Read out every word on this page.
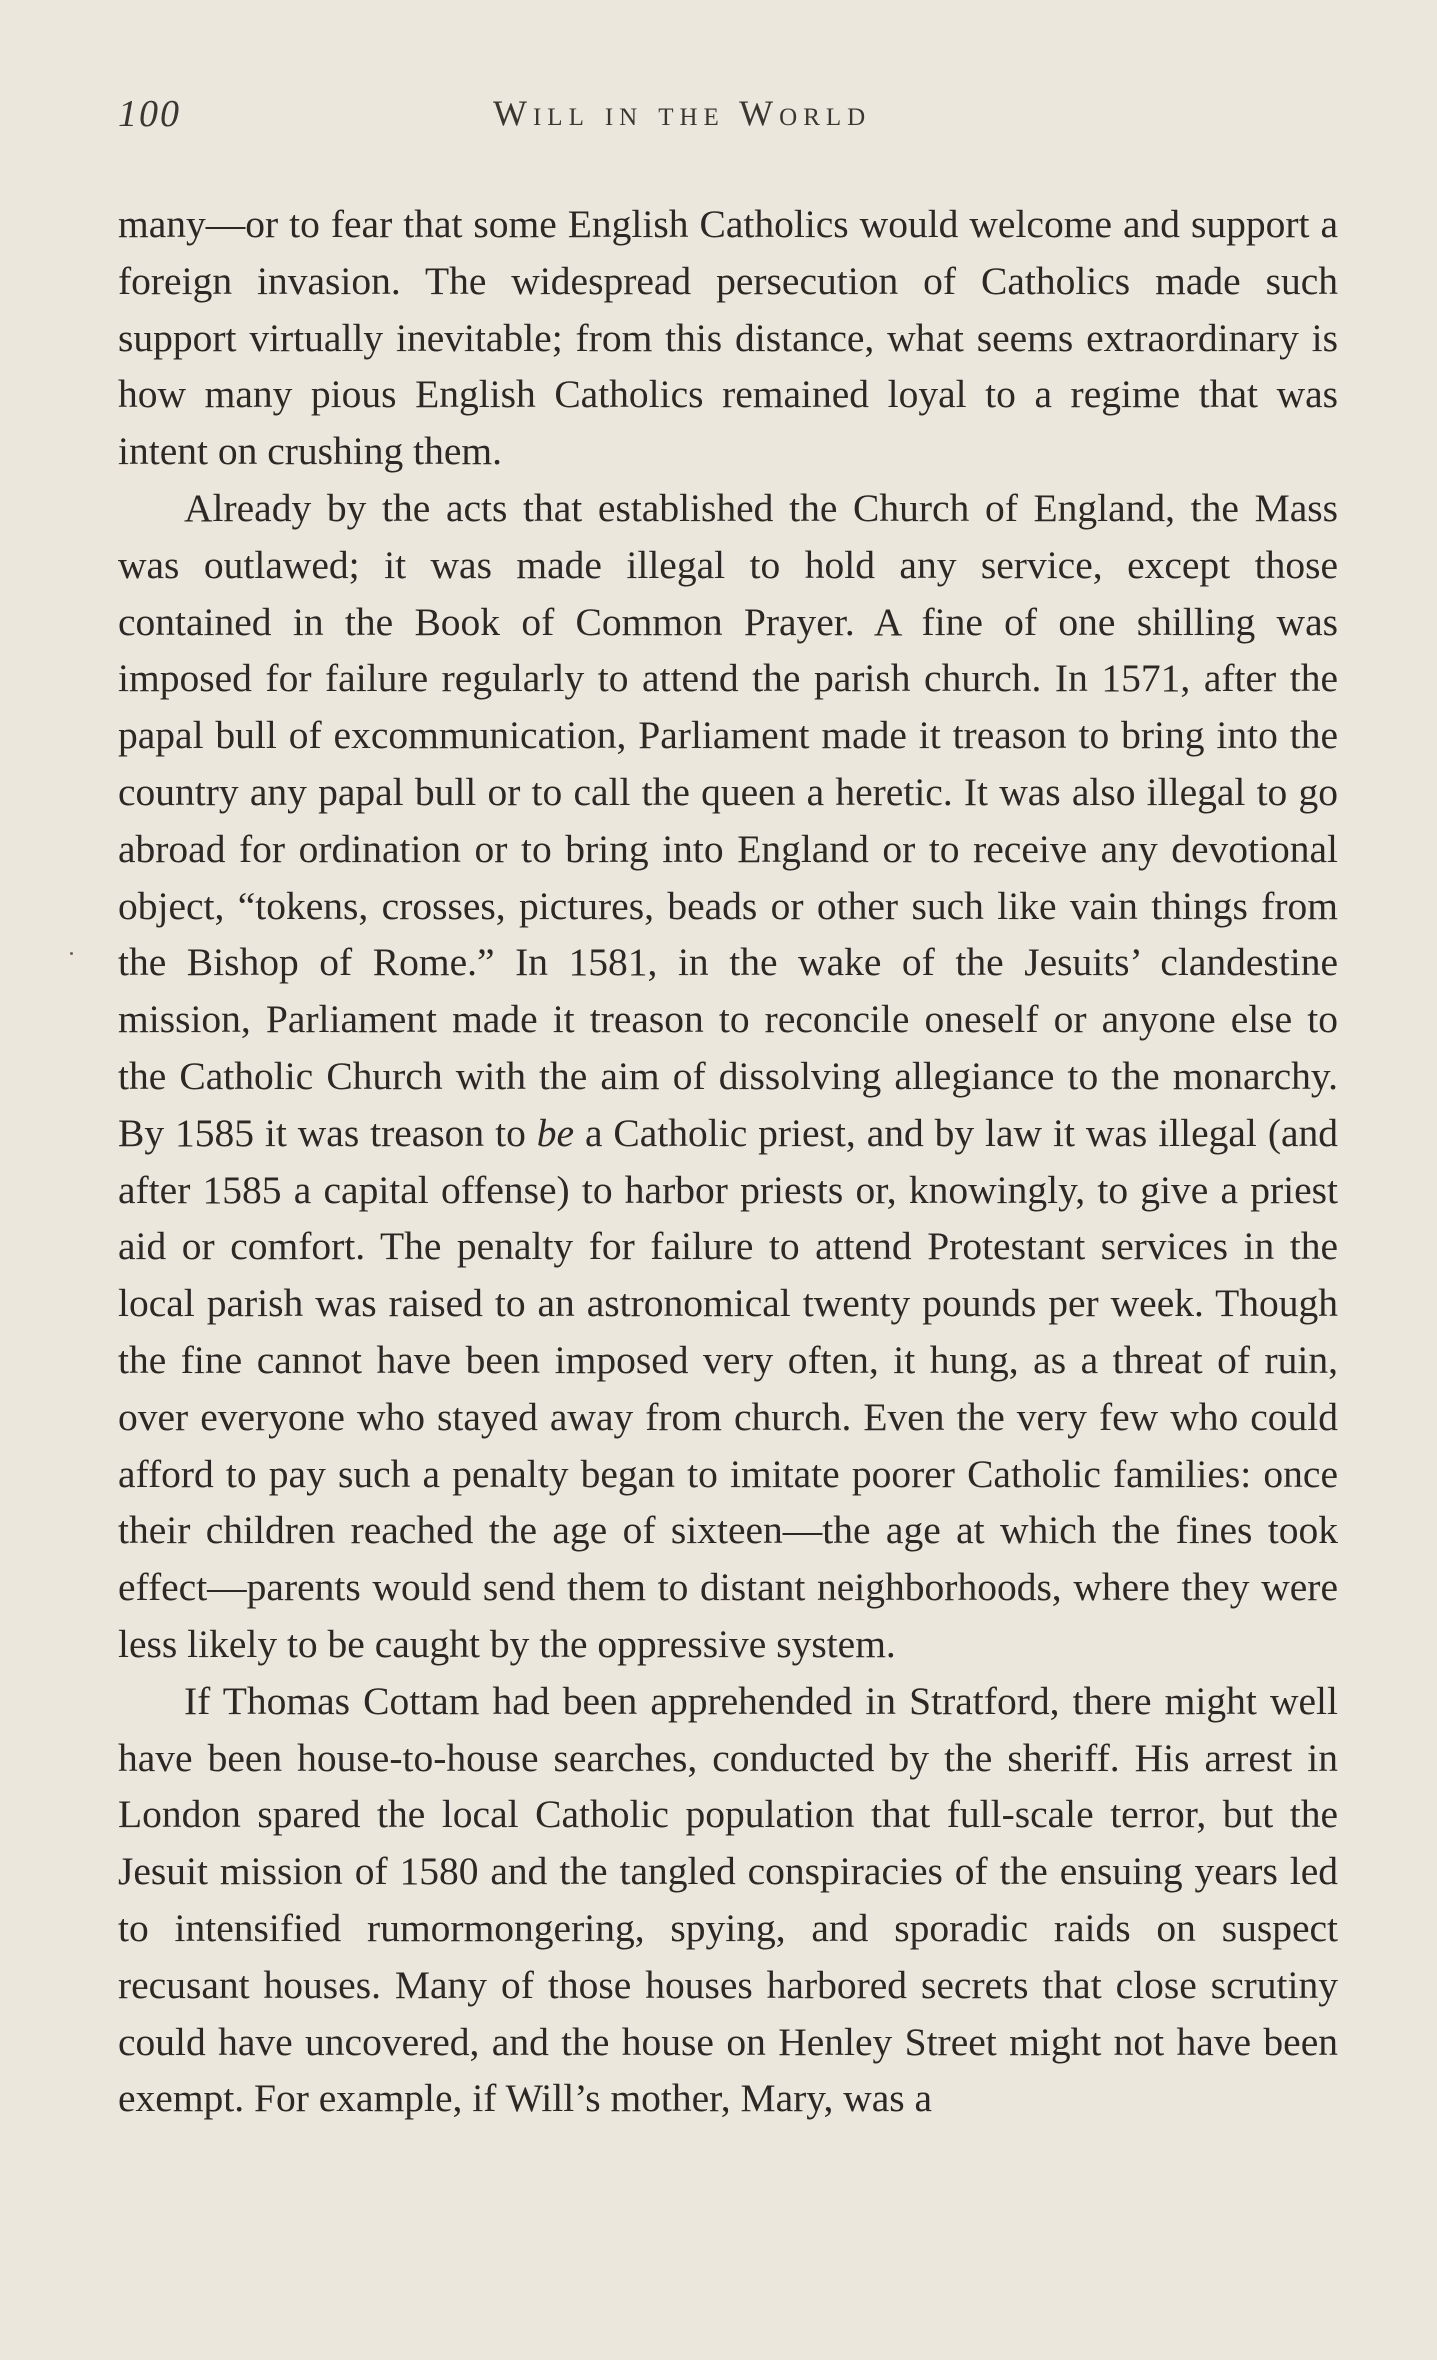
100	Will in the World

many—or to fear that some English Catholics would welcome and support a foreign invasion. The widespread persecution of Catholics made such support virtually inevitable; from this distance, what seems extraordinary is how many pious English Catholics remained loyal to a regime that was intent on crushing them.

Already by the acts that established the Church of England, the Mass was outlawed; it was made illegal to hold any service, except those contained in the Book of Common Prayer. A fine of one shilling was imposed for failure regularly to attend the parish church. In 1571, after the papal bull of excommunication, Parliament made it treason to bring into the country any papal bull or to call the queen a heretic. It was also illegal to go abroad for ordination or to bring into England or to receive any devotional object, “tokens, crosses, pictures, beads or other such like vain things from the Bishop of Rome.” In 1581, in the wake of the Jesuits’ clandestine mission, Parliament made it treason to reconcile oneself or anyone else to the Catholic Church with the aim of dissolving allegiance to the monarchy. By 1585 it was treason to be a Catholic priest, and by law it was illegal (and after 1585 a capital offense) to harbor priests or, knowingly, to give a priest aid or comfort. The penalty for failure to attend Protestant services in the local parish was raised to an astronomical twenty pounds per week. Though the fine cannot have been imposed very often, it hung, as a threat of ruin, over everyone who stayed away from church. Even the very few who could afford to pay such a penalty began to imitate poorer Catholic families: once their children reached the age of sixteen—the age at which the fines took effect—parents would send them to distant neighborhoods, where they were less likely to be caught by the oppressive system.

If Thomas Cottam had been apprehended in Stratford, there might well have been house-to-house searches, conducted by the sheriff. His arrest in London spared the local Catholic population that full-scale terror, but the Jesuit mission of 1580 and the tangled conspiracies of the ensuing years led to intensified rumormongering, spying, and sporadic raids on suspect recusant houses. Many of those houses harbored secrets that close scrutiny could have uncovered, and the house on Henley Street might not have been exempt. For example, if Will’s mother, Mary, was a
